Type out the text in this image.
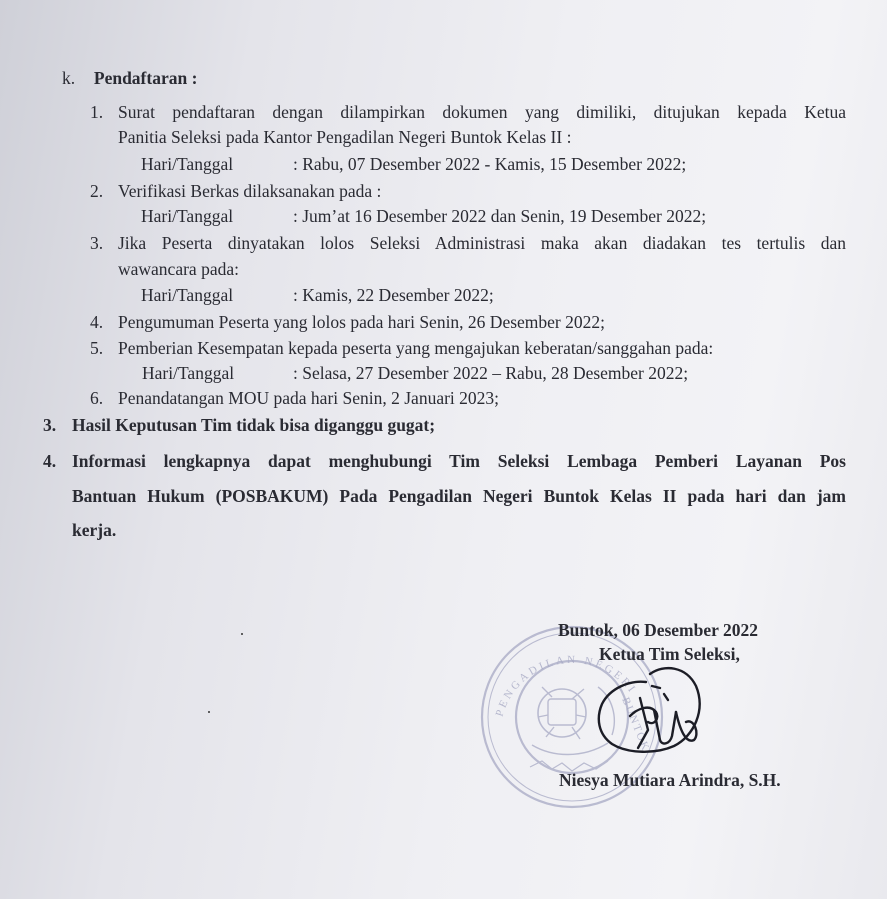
k. Pendaftaran :
1. Surat pendaftaran dengan dilampirkan dokumen yang dimiliki, ditujukan kepada Ketua
Panitia Seleksi pada Kantor Pengadilan Negeri Buntok Kelas II :
Hari/Tanggal	: Rabu, 07 Desember 2022 - Kamis, 15 Desember 2022;
2. Verifikasi Berkas dilaksanakan pada :
Hari/Tanggal	: Jum’at 16 Desember 2022 dan Senin, 19 Desember 2022;
3. Jika Peserta dinyatakan lolos Seleksi Administrasi maka akan diadakan tes tertulis dan
wawancara pada:
Hari/Tanggal	: Kamis, 22 Desember 2022;
4. Pengumuman Peserta yang lolos pada hari Senin, 26 Desember 2022;
5. Pemberian Kesempatan kepada peserta yang mengajukan keberatan/sanggahan pada:
Hari/Tanggal	: Selasa, 27 Desember 2022 – Rabu, 28 Desember 2022;
6. Penandatangan MOU pada hari Senin, 2 Januari 2023;
3. Hasil Keputusan Tim tidak bisa diganggu gugat;
4. Informasi lengkapnya dapat menghubungi Tim Seleksi Lembaga Pemberi Layanan Pos
Bantuan Hukum (POSBAKUM) Pada Pengadilan Negeri Buntok Kelas II pada hari dan jam
kerja.
PENGADILAN NEGERI
BUNTOK
Buntok, 06 Desember 2022
Ketua Tim Seleksi,
Niesya Mutiara Arindra, S.H.
